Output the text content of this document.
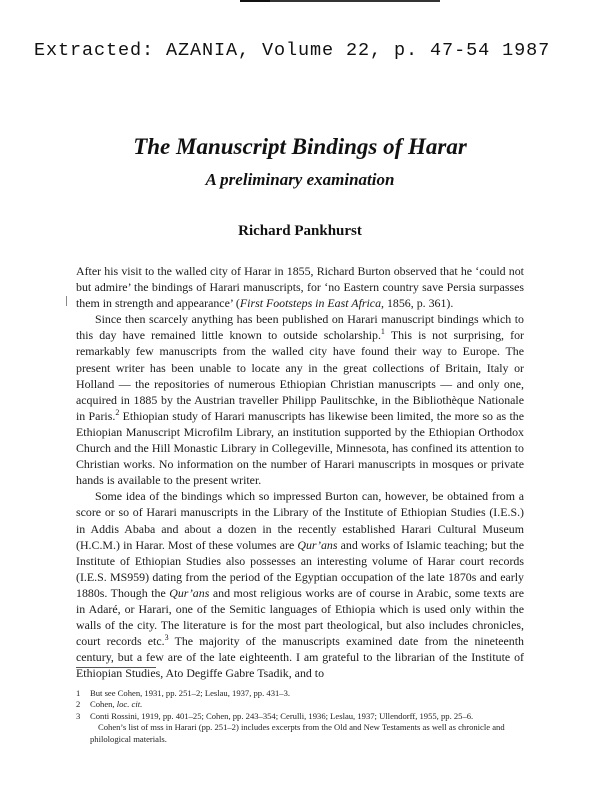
Extracted: AZANIA, Volume 22, p. 47-54 1987
The Manuscript Bindings of Harar
A preliminary examination
Richard Pankhurst

After his visit to the walled city of Harar in 1855, Richard Burton observed that he ‘could not but admire’ the bindings of Harari manuscripts, for ‘no Eastern country save Persia surpasses them in strength and appearance’ (First Footsteps in East Africa, 1856, p. 361).

Since then scarcely anything has been published on Harari manuscript bindings which to this day have remained little known to outside scholarship.$^1$ This is not surprising, for remarkably few manuscripts from the walled city have found their way to Europe. The present writer has been unable to locate any in the great collections of Britain, Italy or Holland — the repositories of numerous Ethiopian Christian manuscripts — and only one, acquired in 1885 by the Austrian traveller Philipp Paulitschke, in the Bibliothèque Nationale in Paris.$^2$ Ethiopian study of Harari manuscripts has likewise been limited, the more so as the Ethiopian Manuscript Microfilm Library, an institution supported by the Ethiopian Orthodox Church and the Hill Monastic Library in Collegeville, Minnesota, has confined its attention to Christian works. No information on the number of Harari manuscripts in mosques or private hands is available to the present writer.

Some idea of the bindings which so impressed Burton can, however, be obtained from a score or so of Harari manuscripts in the Library of the Institute of Ethiopian Studies (I.E.S.) in Addis Ababa and about a dozen in the recently established Harari Cultural Museum (H.C.M.) in Harar. Most of these volumes are Qur’ans and works of Islamic teaching; but the Institute of Ethiopian Studies also possesses an interesting volume of Harar court records (I.E.S. MS959) dating from the period of the Egyptian occupation of the late 1870s and early 1880s. Though the Qur’ans and most religious works are of course in Arabic, some texts are in Adaré, or Harari, one of the Semitic languages of Ethiopia which is used only within the walls of the city. The literature is for the most part theological, but also includes chronicles, court records etc.$^3$ The majority of the manuscripts examined date from the nineteenth century, but a few are of the late eighteenth. I am grateful to the librarian of the Institute of Ethiopian Studies, Ato Degiffe Gabre Tsadik, and to

1	But see Cohen, 1931, pp. 251–2; Leslau, 1937, pp. 431–3.
2	Cohen, loc. cit.
3	Conti Rossini, 1919, pp. 401–25; Cohen, pp. 243–354; Cerulli, 1936; Leslau, 1937; Ullendorff, 1955, pp. 25–6.
Cohen’s list of mss in Harari (pp. 251–2) includes excerpts from the Old and New Testaments as well as chronicle and philological materials.
